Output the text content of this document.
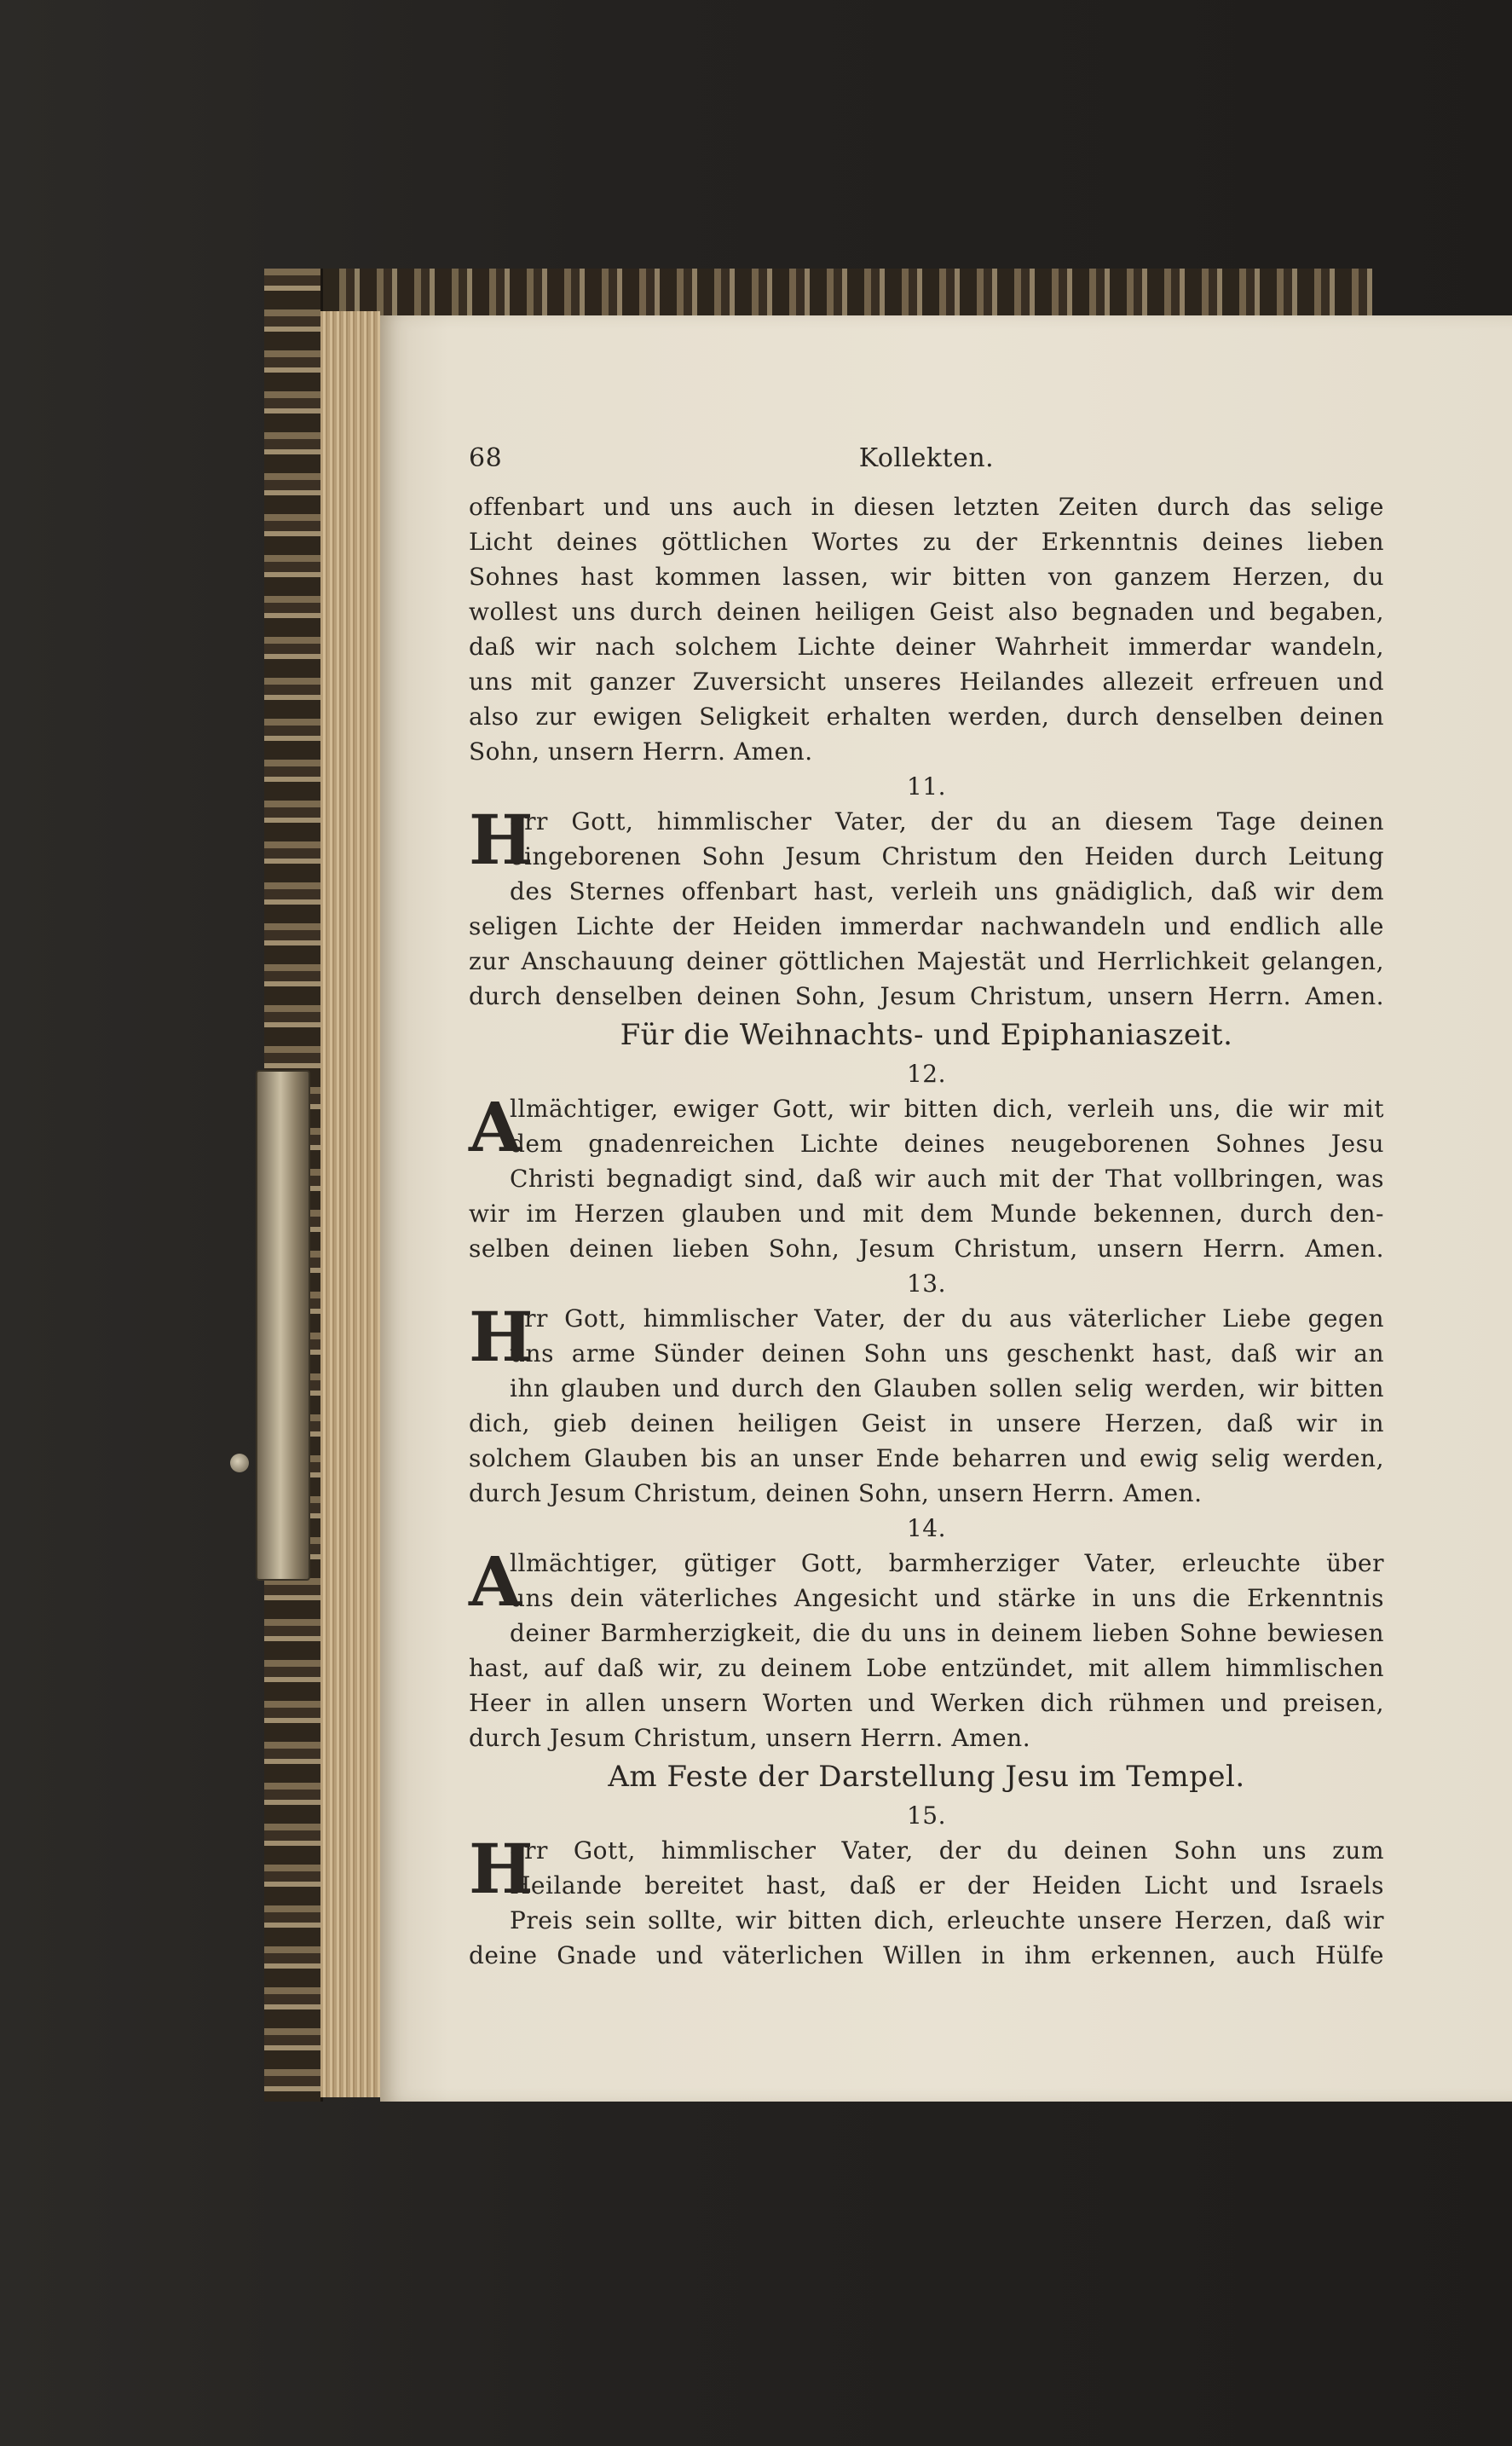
68	Kollekten.
offenbart und uns auch in diesen letzten Zeiten durch das selige
Licht deines göttlichen Wortes zu der Erkenntnis deines lieben
Sohnes hast kommen lassen, wir bitten von ganzem Herzen, du
wollest uns durch deinen heiligen Geist also begnaden und begaben,
daß wir nach solchem Lichte deiner Wahrheit immerdar wandeln,
uns mit ganzer Zuversicht unseres Heilandes allezeit erfreuen und
also zur ewigen Seligkeit erhalten werden, durch denselben deinen
Sohn, unsern Herrn. Amen.
11.
H
err Gott, himmlischer Vater, der du an diesem Tage deinen
eingeborenen Sohn Jesum Christum den Heiden durch Leitung
des Sternes offenbart hast, verleih uns gnädiglich, daß wir dem
seligen Lichte der Heiden immerdar nachwandeln und endlich alle
zur Anschauung deiner göttlichen Majestät und Herrlichkeit gelangen,
durch denselben deinen Sohn, Jesum Christum, unsern Herrn. Amen.
Für die Weihnachts- und Epiphaniaszeit.
12.
A
llmächtiger, ewiger Gott, wir bitten dich, verleih uns, die wir mit
dem gnadenreichen Lichte deines neugeborenen Sohnes Jesu
Christi begnadigt sind, daß wir auch mit der That vollbringen, was
wir im Herzen glauben und mit dem Munde bekennen, durch den-
selben deinen lieben Sohn, Jesum Christum, unsern Herrn. Amen.
13.
H
err Gott, himmlischer Vater, der du aus väterlicher Liebe gegen
uns arme Sünder deinen Sohn uns geschenkt hast, daß wir an
ihn glauben und durch den Glauben sollen selig werden, wir bitten
dich, gieb deinen heiligen Geist in unsere Herzen, daß wir in
solchem Glauben bis an unser Ende beharren und ewig selig werden,
durch Jesum Christum, deinen Sohn, unsern Herrn. Amen.
14.
A
llmächtiger, gütiger Gott, barmherziger Vater, erleuchte über
uns dein väterliches Angesicht und stärke in uns die Erkenntnis
deiner Barmherzigkeit, die du uns in deinem lieben Sohne bewiesen
hast, auf daß wir, zu deinem Lobe entzündet, mit allem himmlischen
Heer in allen unsern Worten und Werken dich rühmen und preisen,
durch Jesum Christum, unsern Herrn. Amen.
Am Feste der Darstellung Jesu im Tempel.
15.
H
err Gott, himmlischer Vater, der du deinen Sohn uns zum
Heilande bereitet hast, daß er der Heiden Licht und Israels
Preis sein sollte, wir bitten dich, erleuchte unsere Herzen, daß wir
deine Gnade und väterlichen Willen in ihm erkennen, auch Hülfe
